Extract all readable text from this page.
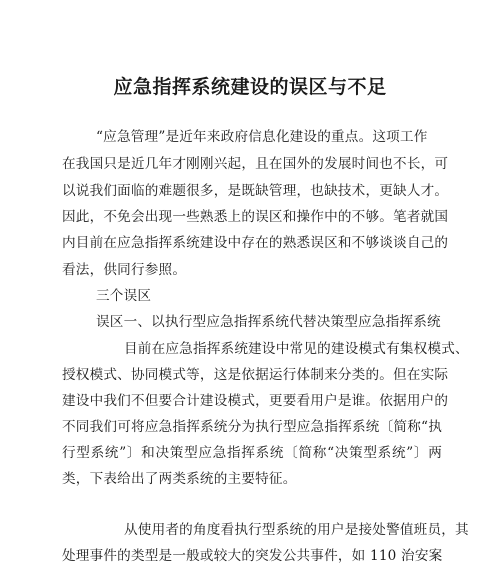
应急指挥系统建设的误区与不足
“应急管理”是近年来政府信息化建设的重点。这项工作
在我国只是近几年才刚刚兴起，且在国外的发展时间也不长，可
以说我们面临的难题很多，是既缺管理，也缺技术，更缺人才。
因此，不免会出现一些熟悉上的误区和操作中的不够。笔者就国
内目前在应急指挥系统建设中存在的熟悉误区和不够谈谈自己的
看法，供同行参照。
三个误区
误区一、以执行型应急指挥系统代替决策型应急指挥系统
目前在应急指挥系统建设中常见的建设模式有集权模式、
授权模式、协同模式等，这是依据运行体制来分类的。但在实际
建设中我们不但要合计建设模式，更要看用户是谁。依据用户的
不同我们可将应急指挥系统分为执行型应急指挥系统〔简称“执
行型系统”〕和决策型应急指挥系统〔简称“决策型系统”〕两
类，下表给出了两类系统的主要特征。
从使用者的角度看执行型系统的用户是接处警值班员，其
处理事件的类型是一般或较大的突发公共事件，如 110 治安案
